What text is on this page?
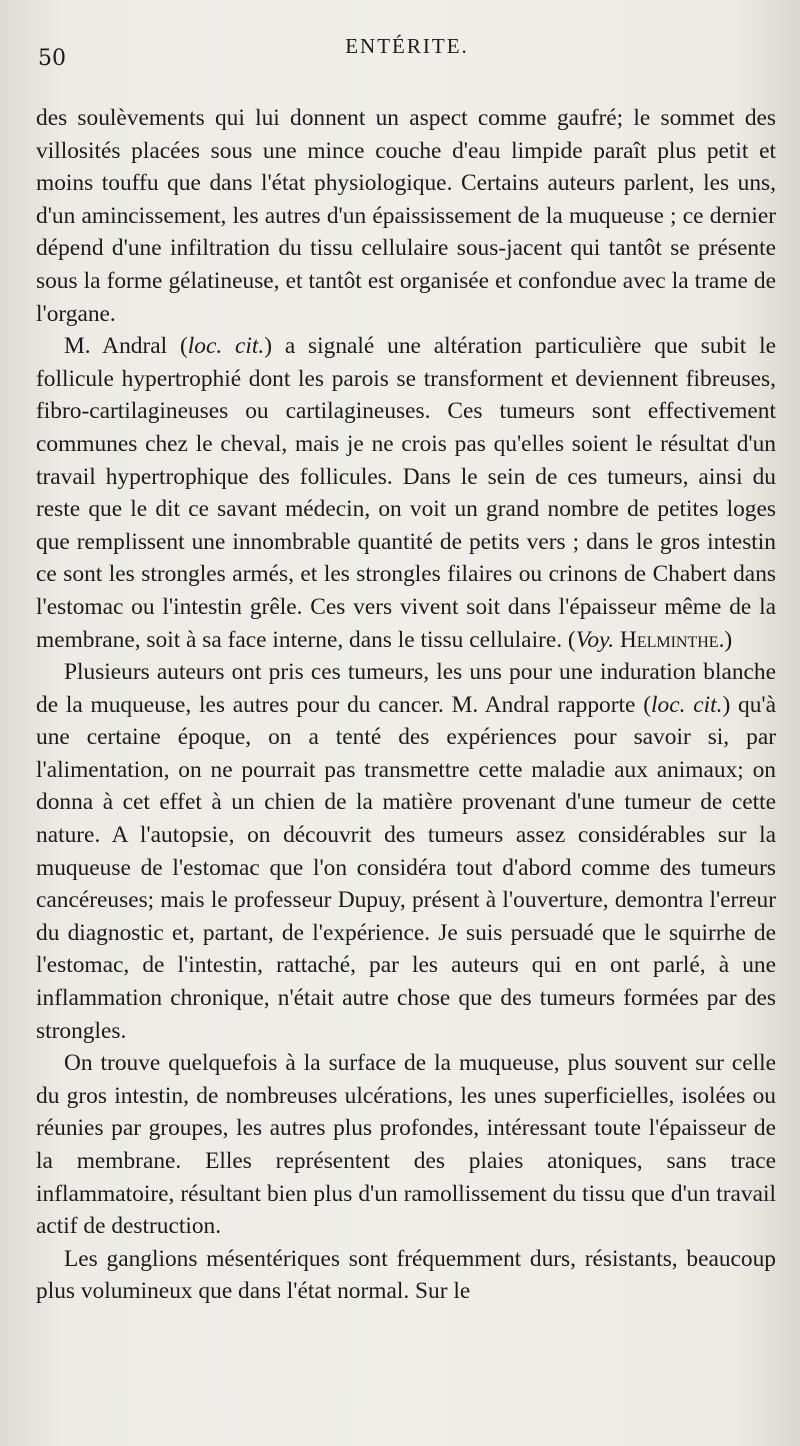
50	ENTÉRITE.

des soulèvements qui lui donnent un aspect comme gaufré; le sommet des villosités placées sous une mince couche d'eau limpide paraît plus petit et moins touffu que dans l'état physiologique. Certains auteurs parlent, les uns, d'un amincissement, les autres d'un épaississement de la muqueuse ; ce dernier dépend d'une infiltration du tissu cellulaire sous-jacent qui tantôt se présente sous la forme gélatineuse, et tantôt est organisée et confondue avec la trame de l'organe.

M. Andral (loc. cit.) a signalé une altération particulière que subit le follicule hypertrophié dont les parois se transforment et deviennent fibreuses, fibro-cartilagineuses ou cartilagineuses. Ces tumeurs sont effectivement communes chez le cheval, mais je ne crois pas qu'elles soient le résultat d'un travail hypertrophique des follicules. Dans le sein de ces tumeurs, ainsi du reste que le dit ce savant médecin, on voit un grand nombre de petites loges que remplissent une innombrable quantité de petits vers ; dans le gros intestin ce sont les strongles armés, et les strongles filaires ou crinons de Chabert dans l'estomac ou l'intestin grêle. Ces vers vivent soit dans l'épaisseur même de la membrane, soit à sa face interne, dans le tissu cellulaire. (Voy. Helminthe.)

Plusieurs auteurs ont pris ces tumeurs, les uns pour une induration blanche de la muqueuse, les autres pour du cancer. M. Andral rapporte (loc. cit.) qu'à une certaine époque, on a tenté des expériences pour savoir si, par l'alimentation, on ne pourrait pas transmettre cette maladie aux animaux; on donna à cet effet à un chien de la matière provenant d'une tumeur de cette nature. A l'autopsie, on découvrit des tumeurs assez considérables sur la muqueuse de l'estomac que l'on considéra tout d'abord comme des tumeurs cancéreuses; mais le professeur Dupuy, présent à l'ouverture, demontra l'erreur du diagnostic et, partant, de l'expérience. Je suis persuadé que le squirrhe de l'estomac, de l'intestin, rattaché, par les auteurs qui en ont parlé, à une inflammation chronique, n'était autre chose que des tumeurs formées par des strongles.

On trouve quelquefois à la surface de la muqueuse, plus souvent sur celle du gros intestin, de nombreuses ulcérations, les unes superficielles, isolées ou réunies par groupes, les autres plus profondes, intéressant toute l'épaisseur de la membrane. Elles représentent des plaies atoniques, sans trace inflammatoire, résultant bien plus d'un ramollissement du tissu que d'un travail actif de destruction.

Les ganglions mésentériques sont fréquemment durs, résistants, beaucoup plus volumineux que dans l'état normal. Sur le
